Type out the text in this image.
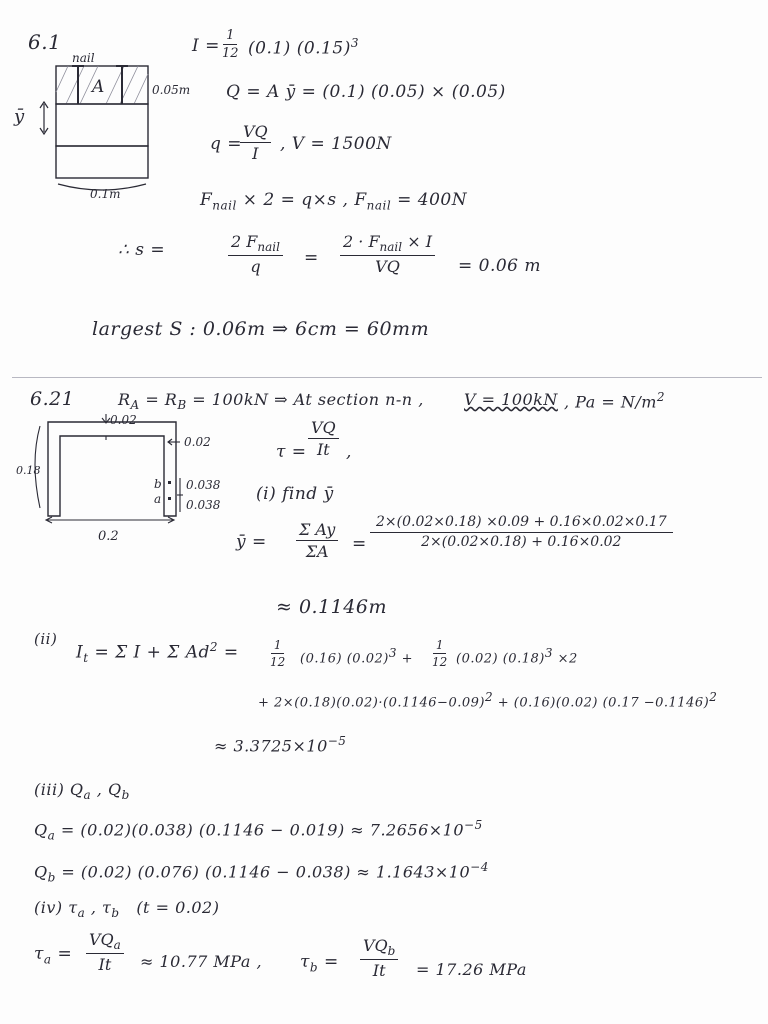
6.1
nail
A
ȳ
0.05m
0.1m
$I = \frac{1}{12} (0.1)$ $(0.15)^3$
Q = A ȳ = (0.1) (0.05) × (0.05)
q =
$\frac{VQ}{I}$ , V = 1500N
$F_{nail} \times 2 = q\times s$ , $F_{nail} = 400N$
∴ s =	2 $F_{nail}$
q	=
$2 \cdot F_{nail} \times I$
VQ	= 0.06 m
largest S : 0.06m ⇒ 6cm = 60mm
6.21	$R_A = R_B = 100kN$ ⇒ At section n-n ,	V = 100kN , $Pa = N/m^2$
0.02
0.02
0.18
0.2
b
a
0.038
0.038
$\tau = \frac{VQ}{It}$ ,
(i) find ȳ
ȳ = $\frac{\text{Σ Ay}}{\Sigma A} = \frac{2\times(0.02\times 0.18) \times 0.09 + 0.16\times 0.02\times 0.17}{2\times(0.02\times 0.18) + 0.16\times 0.02}$
≈ 0.1146m
(ii)
$I_t = \Sigma$ I + Σ $Ad^2$ =	$\frac{1}{12} (0.16) (0.02)^3 + \frac{1}{12} (0.02)$ $(0.18)^3 \times 2$
+ $2\times(0.18)(0.02)\cdot(0.1146-0.09)^2 + (0.16)(0.02)$ $(0.17 -0.1146)^2$
≈ $3.3725\times 10^{-5}$
(iii) $Q_a$ , $Q_b$
$Q_a = (0.02)(0.038) (0.1146 - 0.019) \approx 7.2656\times 10^{-5}$
$Q_b = (0.02)$ (0.076) $(0.1146 - 0.038) \approx 1.1643\times 10^{-4}$
(iv) $\tau_a$ , $\tau_b$ (t = 0.02)
$\tau_a$ =
$VQ_a$
It ≈ 10.77 MPa , $\tau_b$ =
$VQ_b$
It = 17.26 MPa
